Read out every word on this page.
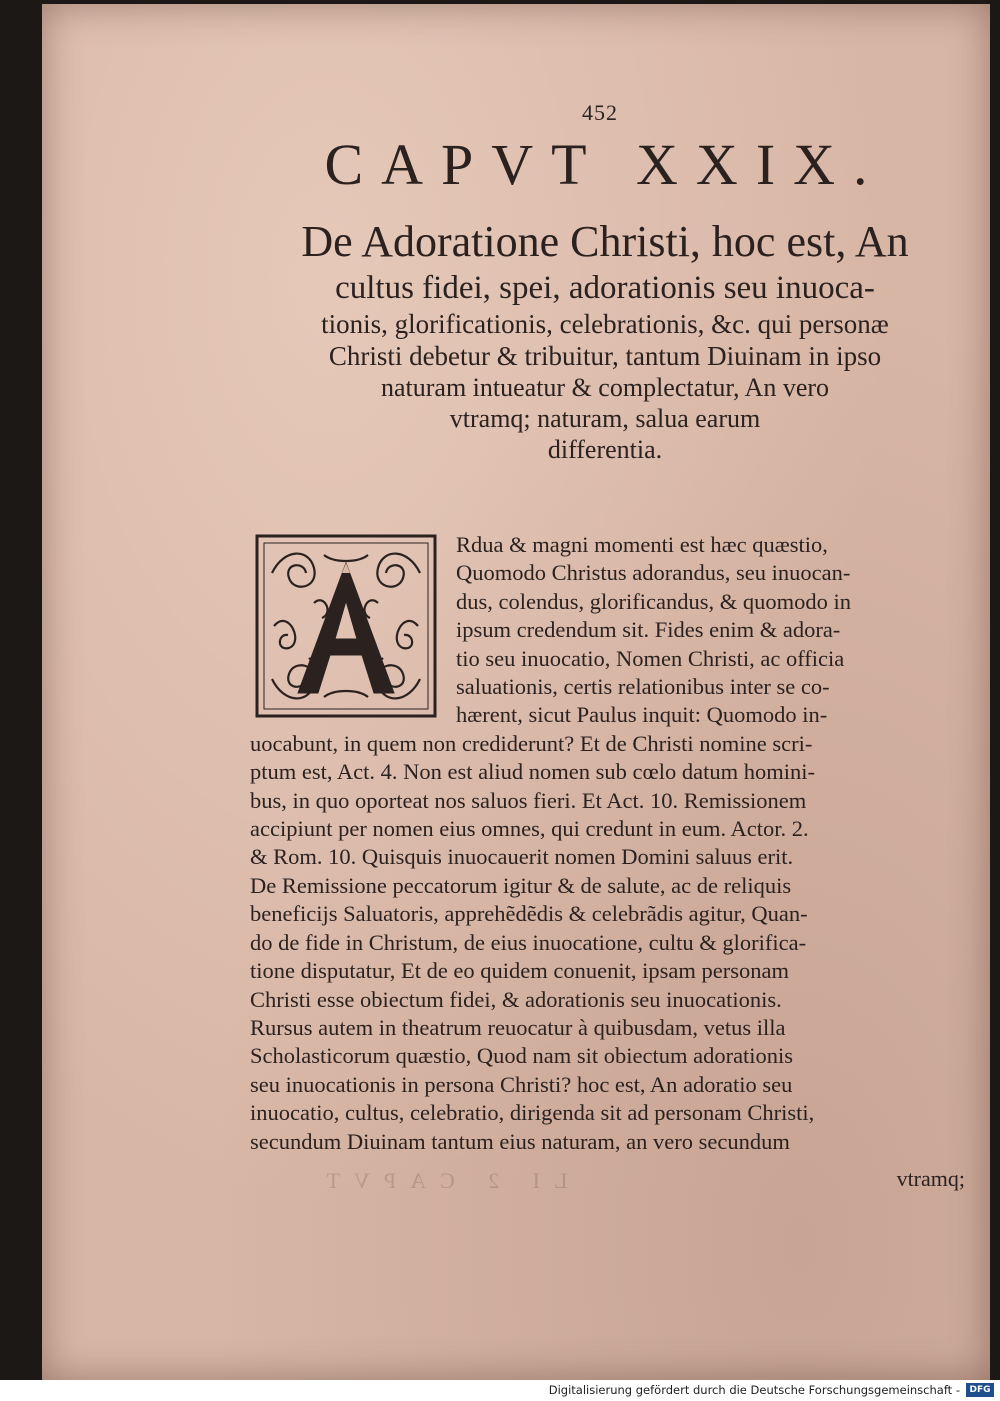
452
CAPVT XXIX.
De Adoratione Christi, hoc est, An
cultus fidei, spei, adorationis seu inuoca-
tionis, glorificationis, celebrationis, &c. qui personæ
Christi debetur & tribuitur, tantum Diuinam in ipso
naturam intueatur & complectatur, An vero
vtramq; naturam, salua earum
differentia.
Rdua & magni momenti est hæc quæstio,
Quomodo Christus adorandus, seu inuocan-
dus, colendus, glorificandus, & quomodo in
ipsum credendum sit. Fides enim & adora-
tio seu inuocatio, Nomen Christi, ac officia
saluationis, certis relationibus inter se co-
hærent, sicut Paulus inquit: Quomodo in-
uocabunt, in quem non crediderunt? Et de Christi nomine scri-
ptum est, Act. 4. Non est aliud nomen sub cœlo datum homini-
bus, in quo oporteat nos saluos fieri. Et Act. 10. Remissionem
accipiunt per nomen eius omnes, qui credunt in eum. Actor. 2.
& Rom. 10. Quisquis inuocauerit nomen Domini saluus erit.
De Remissione peccatorum igitur & de salute, ac de reliquis
beneficijs Saluatoris, apprehẽdẽdis & celebrãdis agitur, Quan-
do de fide in Christum, de eius inuocatione, cultu & glorifica-
tione disputatur, Et de eo quidem conuenit, ipsam personam
Christi esse obiectum fidei, & adorationis seu inuocationis.
Rursus autem in theatrum reuocatur à quibusdam, vetus illa
Scholasticorum quæstio, Quod nam sit obiectum adorationis
seu inuocationis in persona Christi? hoc est, An adoratio seu
inuocatio, cultus, celebratio, dirigenda sit ad personam Christi,
secundum Diuinam tantum eius naturam, an vero secundum
LI 2 CAPVT	vtramq;
Digitalisierung gefördert durch die Deutsche Forschungsgemeinschaft -	DFG
